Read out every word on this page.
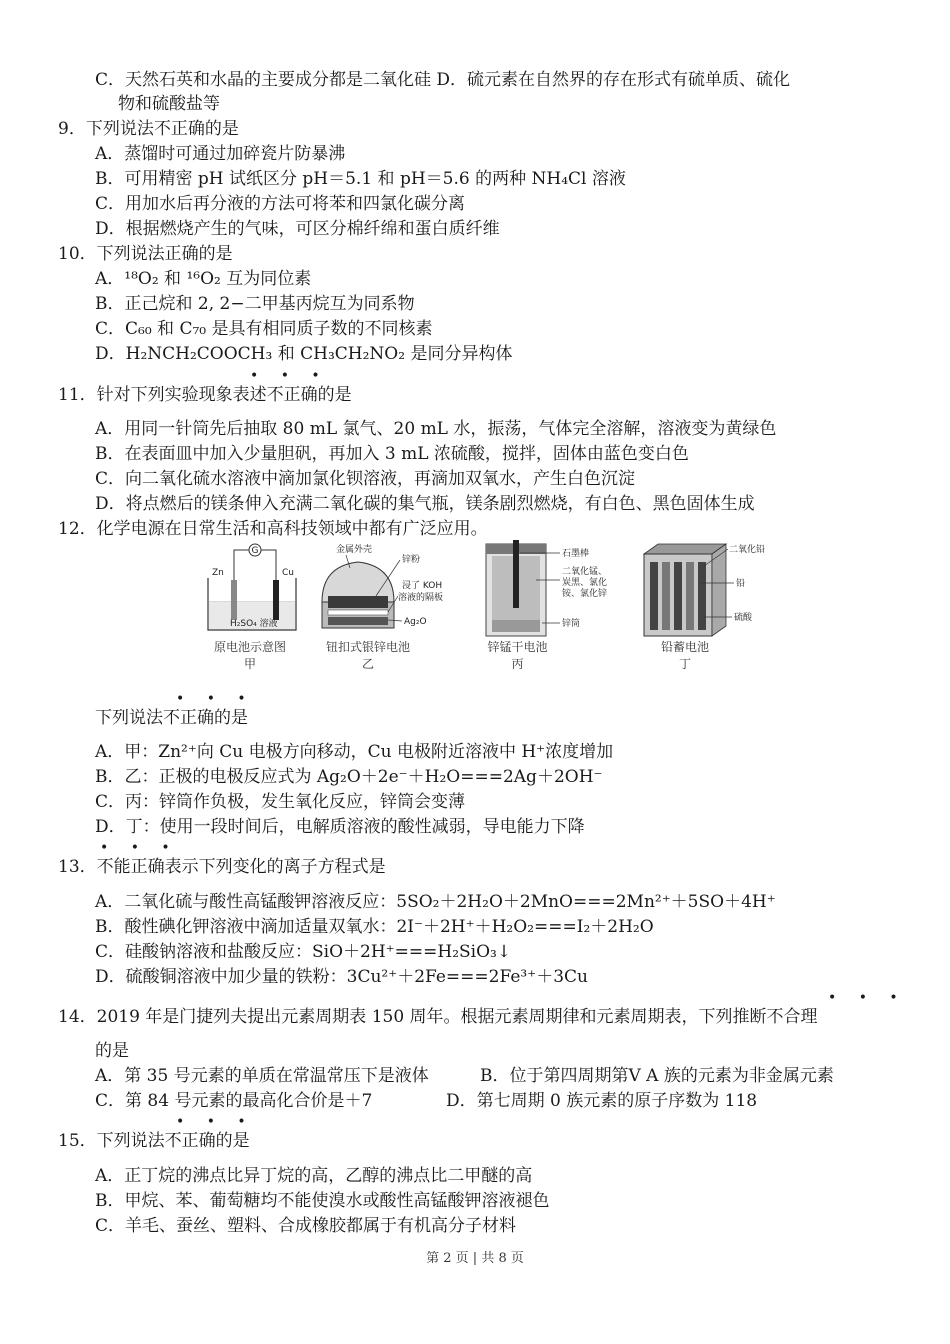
C．天然石英和水晶的主要成分都是二氧化硅 D．硫元素在自然界的存在形式有硫单质、硫化
物和硫酸盐等
9．下列说法不正确的是
A．蒸馏时可通过加碎瓷片防暴沸
B．可用精密 pH 试纸区分 pH＝5.1 和 pH＝5.6 的两种 NH₄Cl 溶液
C．用加水后再分液的方法可将苯和四氯化碳分离
D．根据燃烧产生的气味，可区分棉纤绵和蛋白质纤维
10．下列说法正确的是
A．¹⁸O₂ 和 ¹⁶O₂ 互为同位素
B．正己烷和 2, 2−二甲基丙烷互为同系物
C．C₆₀ 和 C₇₀ 是具有相同质子数的不同核素
D．H₂NCH₂COOCH₃ 和 CH₃CH₂NO₂ 是同分异构体
• • •
11．针对下列实验现象表述不正确的是
A．用同一针筒先后抽取 80 mL 氯气、20 mL 水，振荡，气体完全溶解，溶液变为黄绿色
B．在表面皿中加入少量胆矾，再加入 3 mL 浓硫酸，搅拌，固体由蓝色变白色
C．向二氧化硫水溶液中滴加氯化钡溶液，再滴加双氧水，产生白色沉淀
D．将点燃后的镁条伸入充满二氧化碳的集气瓶，镁条剧烈燃烧，有白色、黑色固体生成
12．化学电源在日常生活和高科技领域中都有广泛应用。
G
Zn	Cu
H₂SO₄ 溶液
原电池示意图
甲
金属外壳
锌粉
浸了 KOH
溶液的隔板
Ag₂O
钮扣式银锌电池
乙
石墨棒
二氧化锰、
炭黑、氯化
铵、氯化锌
锌筒
锌锰干电池
丙
二氧化铅
铅
硫酸
铅蓄电池
丁
• • •
下列说法不正确的是
A．甲：Zn²⁺向 Cu 电极方向移动，Cu 电极附近溶液中 H⁺浓度增加
B．乙：正极的电极反应式为 Ag₂O＋2e⁻＋H₂O===2Ag＋2OH⁻
C．丙：锌筒作负极，发生氧化反应，锌筒会变薄
D．丁：使用一段时间后，电解质溶液的酸性减弱，导电能力下降
• • •
13．不能正确表示下列变化的离子方程式是
A．二氧化硫与酸性高锰酸钾溶液反应：5SO₂＋2H₂O＋2MnO===2Mn²⁺＋5SO＋4H⁺
B．酸性碘化钾溶液中滴加适量双氧水：2I⁻＋2H⁺＋H₂O₂===I₂＋2H₂O
C．硅酸钠溶液和盐酸反应：SiO＋2H⁺===H₂SiO₃↓
D．硫酸铜溶液中加少量的铁粉：3Cu²⁺＋2Fe===2Fe³⁺＋3Cu
• • •
14．2019 年是门捷列夫提出元素周期表 150 周年。根据元素周期律和元素周期表，下列推断不合理
的是
A．第 35 号元素的单质在常温常压下是液体	B．位于第四周期第Ⅴ A 族的元素为非金属元素
C．第 84 号元素的最高化合价是＋7	D．第七周期 0 族元素的原子序数为 118
• • •
15．下列说法不正确的是
A．正丁烷的沸点比异丁烷的高，乙醇的沸点比二甲醚的高
B．甲烷、苯、葡萄糖均不能使溴水或酸性高锰酸钾溶液褪色
C．羊毛、蚕丝、塑料、合成橡胶都属于有机高分子材料
第 2 页 | 共 8 页
